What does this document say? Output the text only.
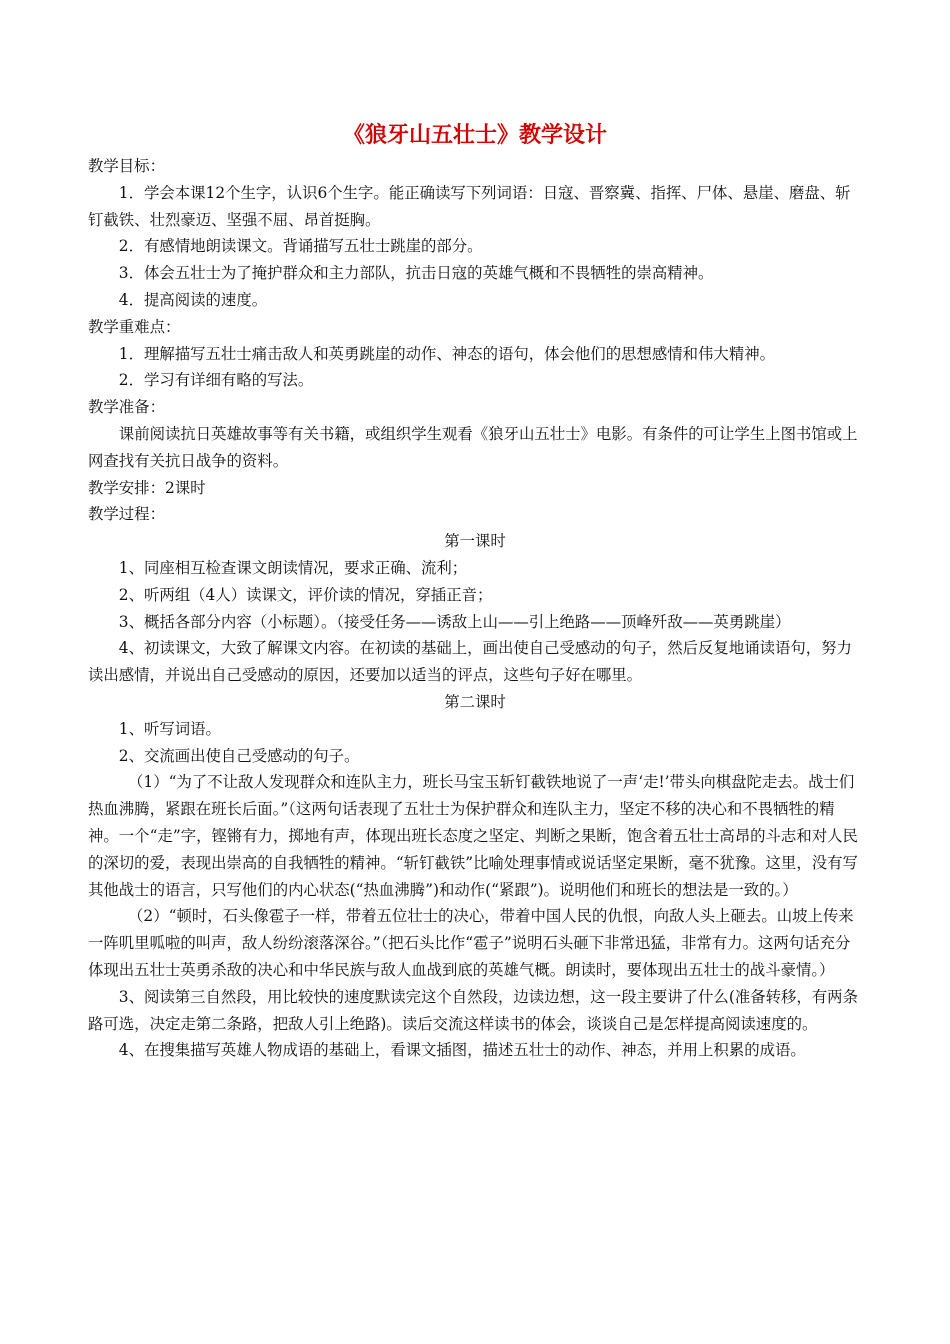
《狼牙山五壮士》教学设计

教学目标：

1．学会本课12个生字，认识6个生字。能正确读写下列词语：日寇、晋察冀、指挥、尸体、悬崖、磨盘、斩钉截铁、壮烈豪迈、坚强不屈、昂首挺胸。

2．有感情地朗读课文。背诵描写五壮士跳崖的部分。

3．体会五壮士为了掩护群众和主力部队，抗击日寇的英雄气概和不畏牺牲的崇高精神。

4．提高阅读的速度。

教学重难点：

1．理解描写五壮士痛击敌人和英勇跳崖的动作、神态的语句，体会他们的思想感情和伟大精神。

2．学习有详细有略的写法。

教学准备：

课前阅读抗日英雄故事等有关书籍，或组织学生观看《狼牙山五壮士》电影。有条件的可让学生上图书馆或上网查找有关抗日战争的资料。

教学安排：2课时

教学过程：

第一课时

1、同座相互检查课文朗读情况，要求正确、流利；

2、听两组（4人）读课文，评价读的情况，穿插正音；

3、概括各部分内容（小标题）。（接受任务——诱敌上山——引上绝路——顶峰歼敌——英勇跳崖）

4、初读课文，大致了解课文内容。在初读的基础上，画出使自己受感动的句子，然后反复地诵读语句，努力读出感情，并说出自己受感动的原因，还要加以适当的评点，这些句子好在哪里。

第二课时

1、听写词语。

2、交流画出使自己受感动的句子。

（1）“为了不让敌人发现群众和连队主力，班长马宝玉斩钉截铁地说了一声‘走!’带头向棋盘陀走去。战士们热血沸腾，紧跟在班长后面。”（这两句话表现了五壮士为保护群众和连队主力，坚定不移的决心和不畏牺牲的精神。一个“走”字，铿锵有力，掷地有声，体现出班长态度之坚定、判断之果断，饱含着五壮士高昂的斗志和对人民的深切的爱，表现出崇高的自我牺牲的精神。“斩钉截铁”比喻处理事情或说话坚定果断，毫不犹豫。这里，没有写其他战士的语言，只写他们的内心状态(“热血沸腾”)和动作(“紧跟”)。说明他们和班长的想法是一致的。）

（2）“顿时，石头像雹子一样，带着五位壮士的决心，带着中国人民的仇恨，向敌人头上砸去。山坡上传来一阵叽里呱啦的叫声，敌人纷纷滚落深谷。”（把石头比作“雹子”说明石头砸下非常迅猛，非常有力。这两句话充分体现出五壮士英勇杀敌的决心和中华民族与敌人血战到底的英雄气概。朗读时，要体现出五壮士的战斗豪情。）

3、阅读第三自然段，用比较快的速度默读完这个自然段，边读边想，这一段主要讲了什么(准备转移，有两条路可选，决定走第二条路，把敌人引上绝路)。读后交流这样读书的体会，谈谈自己是怎样提高阅读速度的。

4、在搜集描写英雄人物成语的基础上，看课文插图，描述五壮士的动作、神态，并用上积累的成语。
